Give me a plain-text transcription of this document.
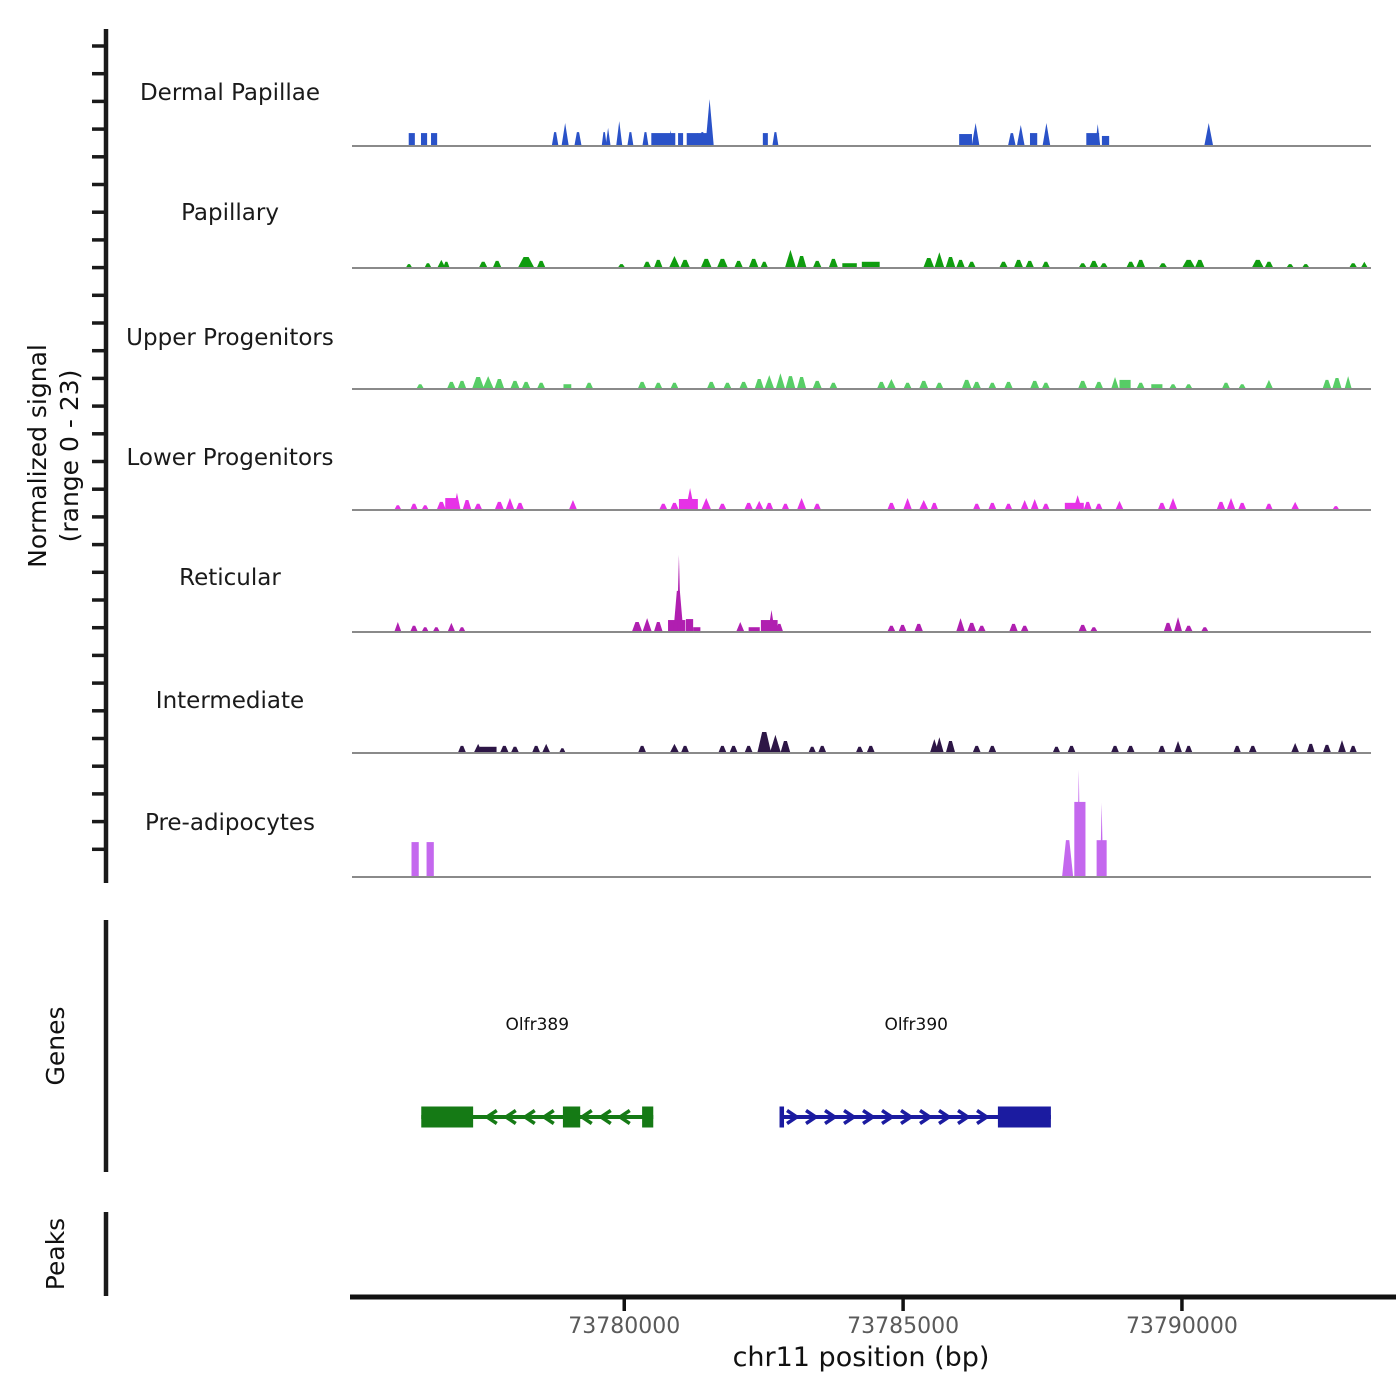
Normalized signal (range 0 - 23)
Dermal Papillae
Papillary
Upper Progenitors
Lower Progenitors
Reticular
Intermediate
Pre-adipocytes
Genes	Olfr389	Olfr390
Peaks
73780000	73785000	73790000
chr11 position (bp)
